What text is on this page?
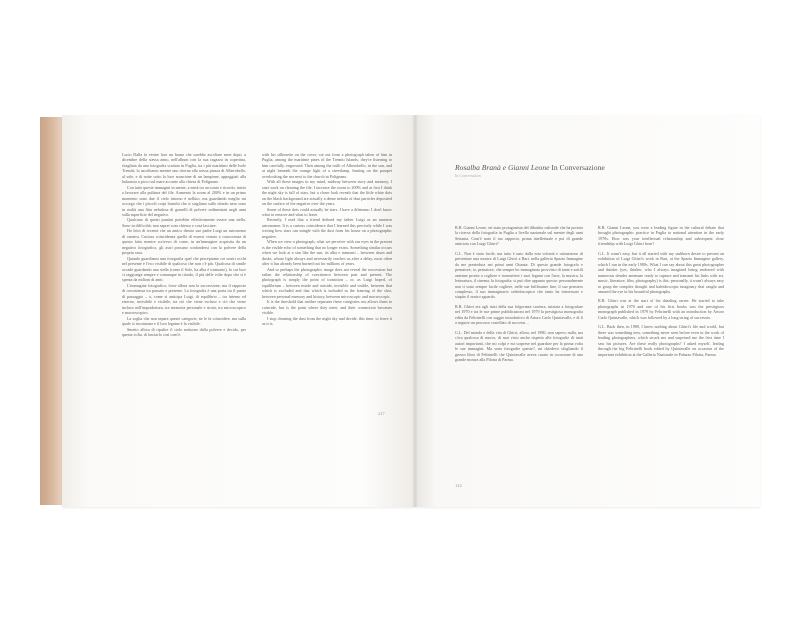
Lucio Dalla fa venire loro un brano che sarebbe ascoltare mesi dopo, a dicembre della stessa anno, nell'album con la sua ragazza in copertina, ritagliata da una fotografia scattata in Puglia, tra i più marittimi delle Isole Tremiti; lo ascoltiamo mentre uno ritorna alla stessa piazza di Alberobello, al sole, e di notte sotto la luce arancione di un lampione, appoggiati alla balaustra a picco sul mare accanto alla chiesa di Polignano.

Con tutte queste immagini in mente, a metà tra racconto e ricordo, inizio a lavorare alla pulitura del file. Aumento la zoom al 200% e in un primo momento sono due il cielo intorno è nelluto, ma guardando meglio mi accorgo che i piccoli corpi bianchi che si stagliano sullo sfondo nero sono in realtà una fitta nebulosa di granelli di polvere sedimentati negli anni sulla superficie del negativo.

Qualcuno di questi puntini potrebbe effettivamente essere una stella. Sono in difficoltà: non saprei cosa chiesso e cosa lasciare.

Ho letto di recente che un amico dentro suo padre Luigi un astronomo di camera. Curiosa coincidenza quella di essersi venuto a conoscenza di questo fatto mentre scrivevo di come, in un'immagine acquisita da un negativo fotografico, gli astri possano confondersi con la polvere della propria casa.

Quando guardiamo una fotografia quel che percepiamo coi nostri occhi nel presente è l'eco visibile di qualcosa che non c'è più. Qualcosa di simile accade guardando una stella (come il Sole, ha alba è tramonto), la cui luce ci raggiunge sempre e comunque in ritardo, il più delle volte dopo che si è spenta da milioni di anni.

L'immagine fotografica, forse allora non la successione, ma il rapporto di coesistenza tra passato e presente. La fotografia è una porta tra il punto di passaggio – o, come si anticipa Luigi, di equilibrio – tra interno ed esterno, invisibile e visibile, tra ciò che viene escluso e ciò che viene incluso nell'inquadratura, tra memoria personale e storia, tra microscopico e macroscopico.

La soglia che non separa queste categorie, ne le fa coincidere, ma sulla quale si incontrano e il loro legame è la visibile.

Smetto allora di ripulire il cielo notturno dalla polvere e decido, per questa volta, di lasciarlo così com'è.

with his silhouette on the cover, cut out from a photograph taken of him in Puglia, among the maritime pines of the Tremiti Islands; they're listening to him carefully, engrossed. Then among the trulli of Alberobello, in the sun, and at night beneath the orange light of a streetlamp, leaning on the parapet overlooking the sea next to the church in Polignano.

With all these images in my mind, midway between story and memory, I start work on cleaning the file. I increase the zoom to 200% and at first I think the night sky is full of stars, but a closer look reveals that the little white dots on the black background are actually a dense nebula of dust particles deposited on the surface of the negative over the years.

Some of these dots could actually be stars. I have a dilemma: I don't know what to remove and what to leave.

Recently, I read that a friend defined my father Luigi as an amateur astronomer. It is a curious coincidence that I learned this precisely while I was writing how stars can mingle with the dust from his house on a photographic negative.

When we view a photograph, what we perceive with our eyes in the present is the visible echo of something that no longer exists. Something similar occurs when we look at a star like the sun, its alba e tramonti – between dawn and dusks, whose light always and necessarily reaches us after a delay, most often after it has already been burned out for millions of years.

And so perhaps the photographic image does not reveal the succession but rather the relationship of coexistence between past and present. The photograph is simply the point of transition – or, as Luigi hoped, of equilibrium – between inside and outside, invisible and visible, between that which is excluded and that which is included in the framing of the shot, between personal memory and history, between microscopic and macroscopic.

It is the threshold that neither separates these categories nor allows them to coincide, but is the point where they meet, and their connection becomes visible.

I stop cleaning the dust from the night sky and decide, this time, to leave it as it is.

227
Rosalba Branà e Gianni Leone In Conversazione
In Conversation

R.B. Gianni Leone, sei stato protagonista del dibattito culturale che ha portato la ricerca della fotografia in Puglia a livello nazionale sul mentre degli anni Settanta. Com'è nato il tuo rapporto, prima intellettuale e poi di grande amicizia con Luigi Ghirri?

G.L. Non è stato facile, ma tutto è nato dalla mia volontà e ostinazione di presentare una mostra di Luigi Ghirri a Bari, nella galleria Spazio Immagine da me presieduta nei primi anni Ottanta. Di questo grande fotografo e pensatore, io, pensatore, che sempre ho immaginato provvisto di tante e sottili antenne pronte a cogliere e trasmettere i suoi legami con l'arte, la musica, la letteratura, il cinema, la fotografia; si può dire appunto questo: personalmente non ti sono sempre facile cogliere, nelle sue brillissime fine, il suo pensiero complesso, il suo immaginario caleidoscopico che tanto ha interessato e stupito il nostro sguardo.

R.B. Ghirri era agli inizi della sua folgorante carriera, iniziata a fotografare nel 1970 e tra le sue prime pubblicazioni nel 1979 la prestigiosa monografia edita da Feltrinelli con saggio introduttivo di Arturo Carlo Quintavalle, e di lì a seguire un percorso costellato di successi…

G.L. Del mondo e della vita di Ghirri, allora, nel 1980, non sapevo nulla, ma c'era qualcosa di nuovo, di mai visto anche rispetto alle fotografie di tanti autori importanti, che mi colpì e mi sorprese nel guardare per la prima volta le sue immagini. Ma sono fotografie queste?, mi chiedevo sfogliando il grosso libro di Feltrinelli che Quintavalle aveva curato in occasione di una grande mostra alla Pilotta di Parma.

R.B. Gianni Leone, you were a leading figure in the cultural debate that brought photographic practice in Puglia to national attention in the early 1970s. How was your intellectual relationship and subsequent close friendship with Luigi Ghirri born?

G.L. It wasn't easy, but it all started with my stubborn desire to present an exhibition of Luigi Ghirri's work in Bari, at the Spazio Immagine gallery, which I ran in the early 1980s. What I can say about this great photographer and thinker (yes, thinker, who I always imagined being endowed with numerous slender antennae ready to capture and transmit his links with art, music, literature, film, photography) is this: personally, it wasn't always easy to grasp the complex thought and kaleidoscopic imaginary that caught and amazed the eye in his beautiful photographs.

R.B. Ghirri was at the start of his dazzling career. He started to take photographs in 1970 and one of his first books was the prestigious monograph published in 1979 by Feltrinelli with an introduction by Arturo Carlo Quintavalle, which was followed by a long string of successes.

G.L. Back then, in 1980, I knew nothing about Ghirri's life and world, but there was something new, something never seen before even in the work of leading photographers, which struck me and surprised me the first time I saw his pictures. Are these really photographs? I asked myself, leafing through the big Feltrinelli book edited by Quintavalle on occasion of the important exhibition at the Galleria Nazionale in Palazzo Pilotta, Parma.

122
